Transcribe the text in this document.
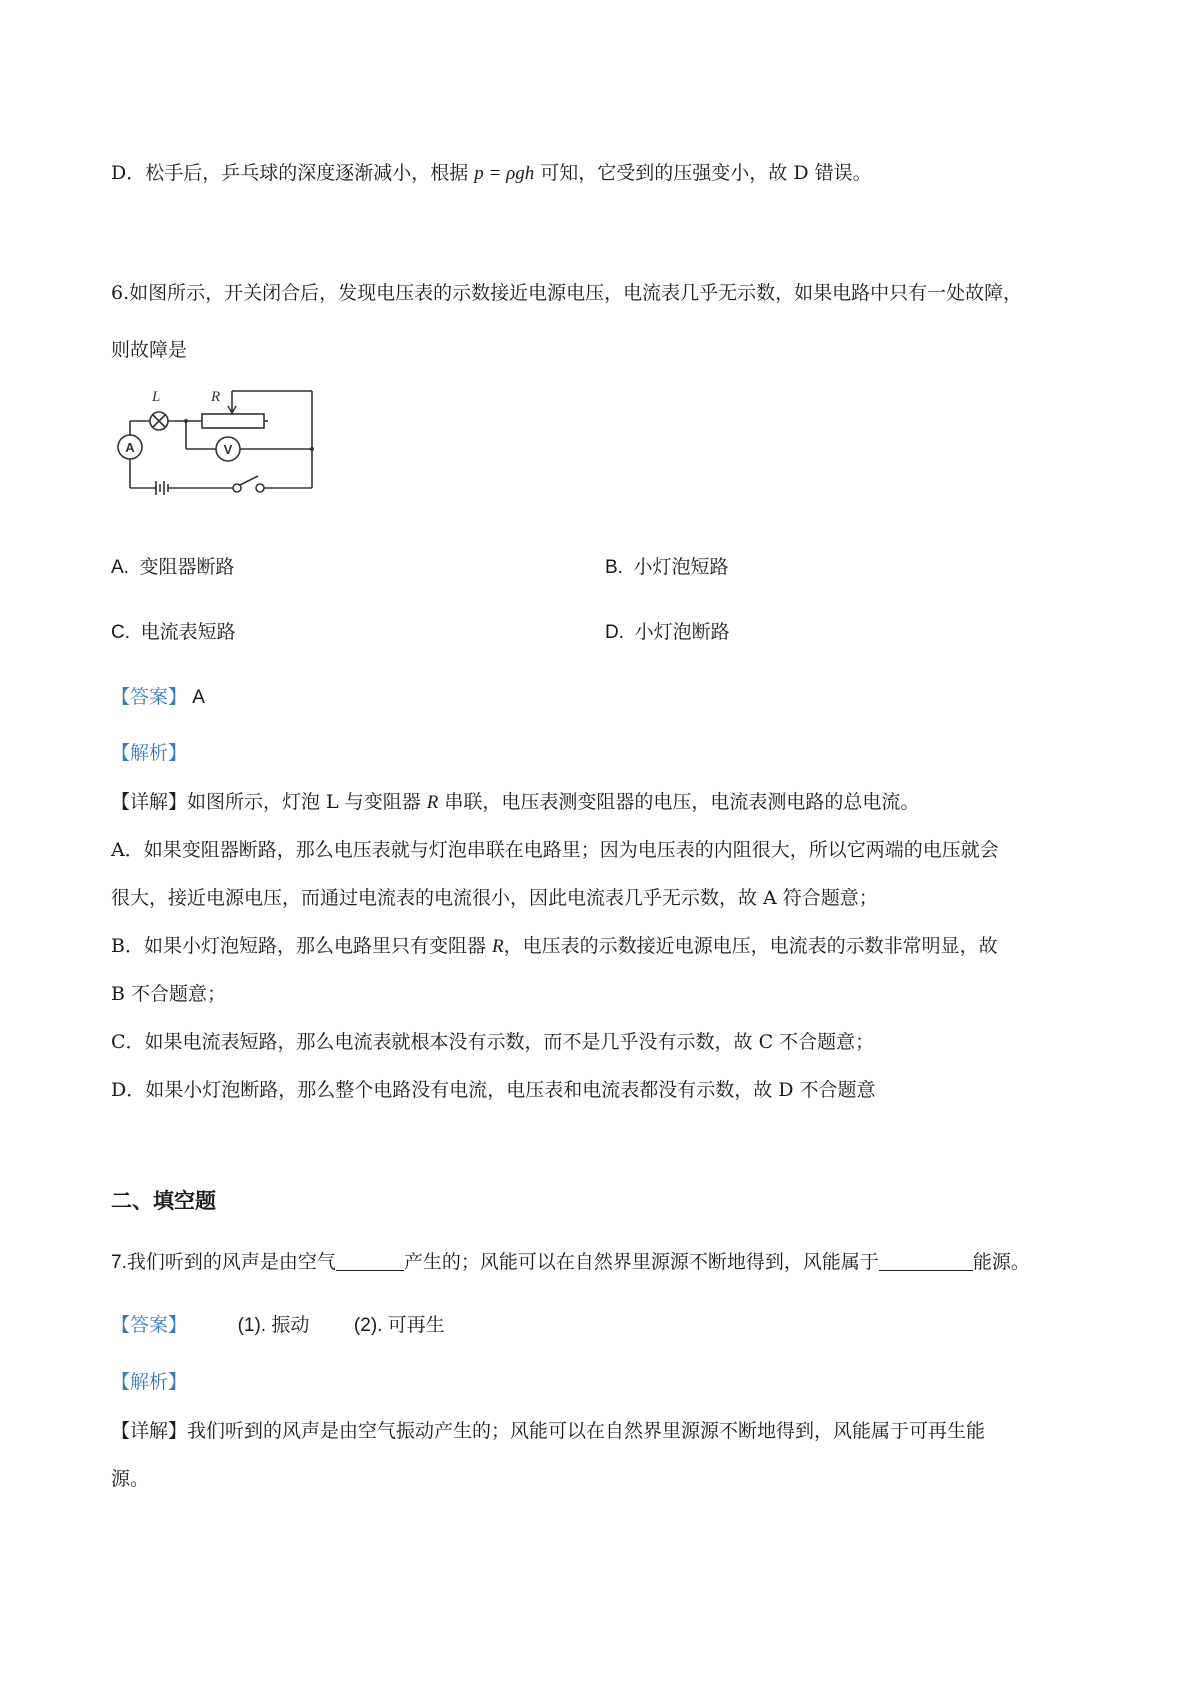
D．松手后，乒乓球的深度逐渐减小，根据 p = ρgh 可知，它受到的压强变小，故 D 错误。
6.如图所示，开关闭合后，发现电压表的示数接近电源电压，电流表几乎无示数，如果电路中只有一处故障，
则故障是
L	R
A	V
A. 变阻器断路	B. 小灯泡短路
C. 电流表短路	D. 小灯泡断路
【答案】 A
【解析】
【详解】如图所示，灯泡 L 与变阻器 R 串联，电压表测变阻器的电压，电流表测电路的总电流。
A．如果变阻器断路，那么电压表就与灯泡串联在电路里；因为电压表的内阻很大，所以它两端的电压就会
很大，接近电源电压，而通过电流表的电流很小，因此电流表几乎无示数，故 A 符合题意；
B．如果小灯泡短路，那么电路里只有变阻器 R，电压表的示数接近电源电压，电流表的示数非常明显，故
B 不合题意；
C．如果电流表短路，那么电流表就根本没有示数，而不是几乎没有示数，故 C 不合题意；
D．如果小灯泡断路，那么整个电路没有电流，电压表和电流表都没有示数，故 D 不合题意
二、填空题
7.我们听到的风声是由空气	产生的；风能可以在自然界里源源不断地得到，风能属于	能源。
【答案】	(1). 振动 (2). 可再生
【解析】
【详解】我们听到的风声是由空气振动产生的；风能可以在自然界里源源不断地得到，风能属于可再生能
源。
